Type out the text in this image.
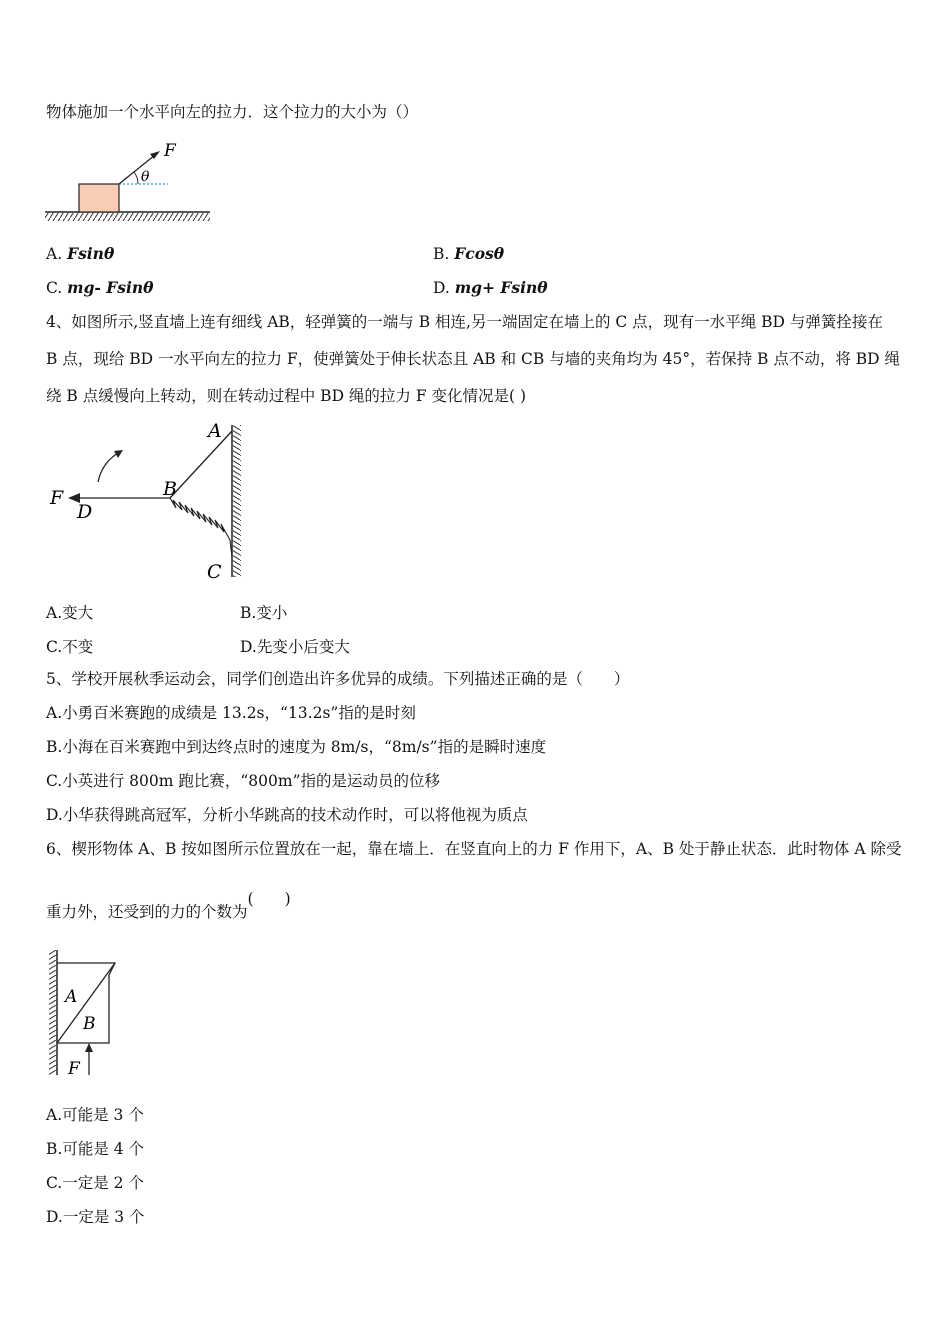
物体施加一个水平向左的拉力．这个拉力的大小为（）
F
θ
A. Fsinθ	B. Fcosθ
C. mg- Fsinθ	D. mg+ Fsinθ
4、如图所示,竖直墙上连有细线 AB，轻弹簧的一端与 B 相连,另一端固定在墙上的 C 点，现有一水平绳 BD 与弹簧拴接在
B 点，现给 BD 一水平向左的拉力 F，使弹簧处于伸长状态且 AB 和 CB 与墙的夹角均为 45°，若保持 B 点不动，将 BD 绳
绕 B 点缓慢向上转动，则在转动过程中 BD 绳的拉力 F 变化情况是( )
A
B
C
D
F
A.变大	B.变小
C.不变	D.先变小后变大
5、学校开展秋季运动会，同学们创造出许多优异的成绩。下列描述正确的是（　　）
A.小勇百米赛跑的成绩是 13.2s，“13.2s”指的是时刻
B.小海在百米赛跑中到达终点时的速度为 8m/s，“8m/s”指的是瞬时速度
C.小英进行 800m 跑比赛，“800m”指的是运动员的位移
D.小华获得跳高冠军，分析小华跳高的技术动作时，可以将他视为质点
6、楔形物体 A、B 按如图所示位置放在一起，靠在墙上．在竖直向上的力 F 作用下，A、B 处于静止状态．此时物体 A 除受
重力外，还受到的力的个数为(　　)
A
B
F
A.可能是 3 个
B.可能是 4 个
C.一定是 2 个
D.一定是 3 个
